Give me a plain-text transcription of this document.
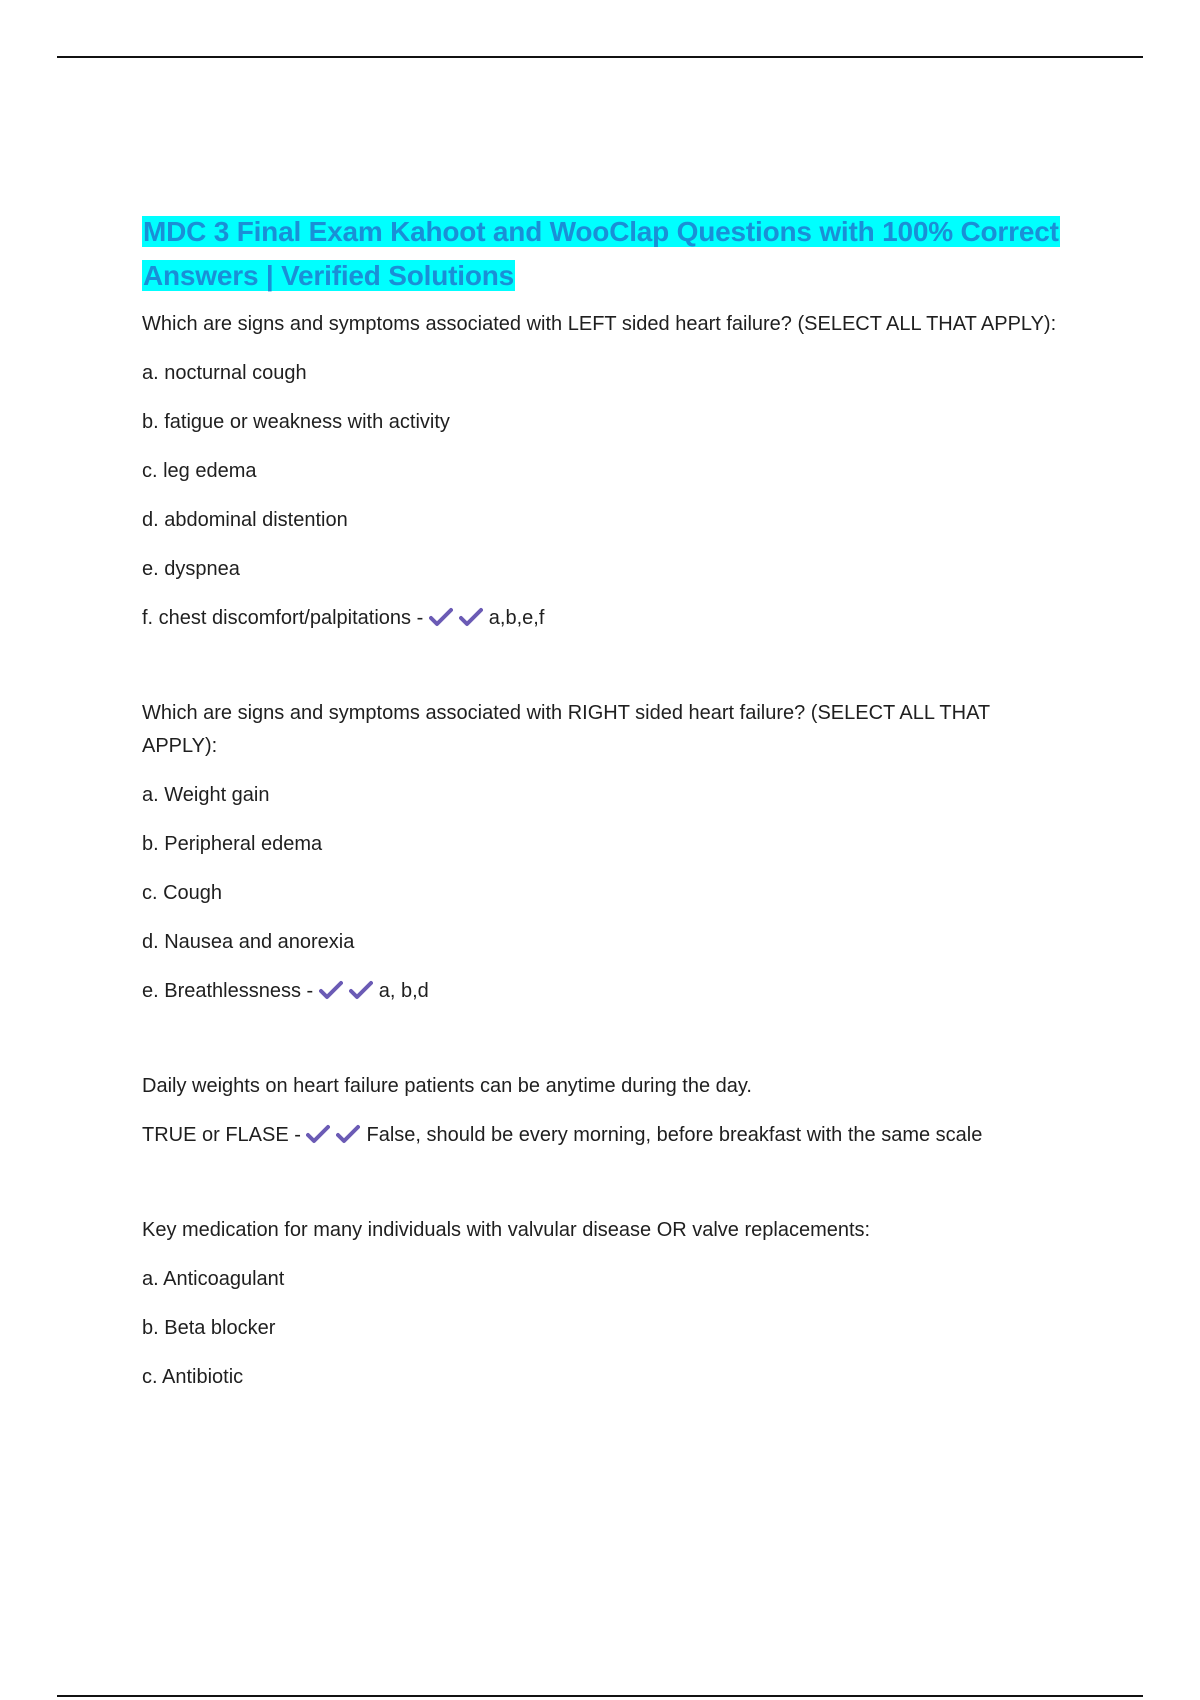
MDC 3 Final Exam Kahoot and WooClap Questions with 100% Correct Answers | Verified Solutions

Which are signs and symptoms associated with LEFT sided heart failure? (SELECT ALL THAT APPLY):

a. nocturnal cough

b. fatigue or weakness with activity

c. leg edema

d. abdominal distention

e. dyspnea

f. chest discomfort/palpitations -	a,b,e,f

Which are signs and symptoms associated with RIGHT sided heart failure? (SELECT ALL THAT APPLY):

a. Weight gain

b. Peripheral edema

c. Cough

d. Nausea and anorexia

e. Breathlessness -	a, b,d

Daily weights on heart failure patients can be anytime during the day.

TRUE or FLASE -	False, should be every morning, before breakfast with the same scale

Key medication for many individuals with valvular disease OR valve replacements:

a. Anticoagulant

b. Beta blocker

c. Antibiotic
